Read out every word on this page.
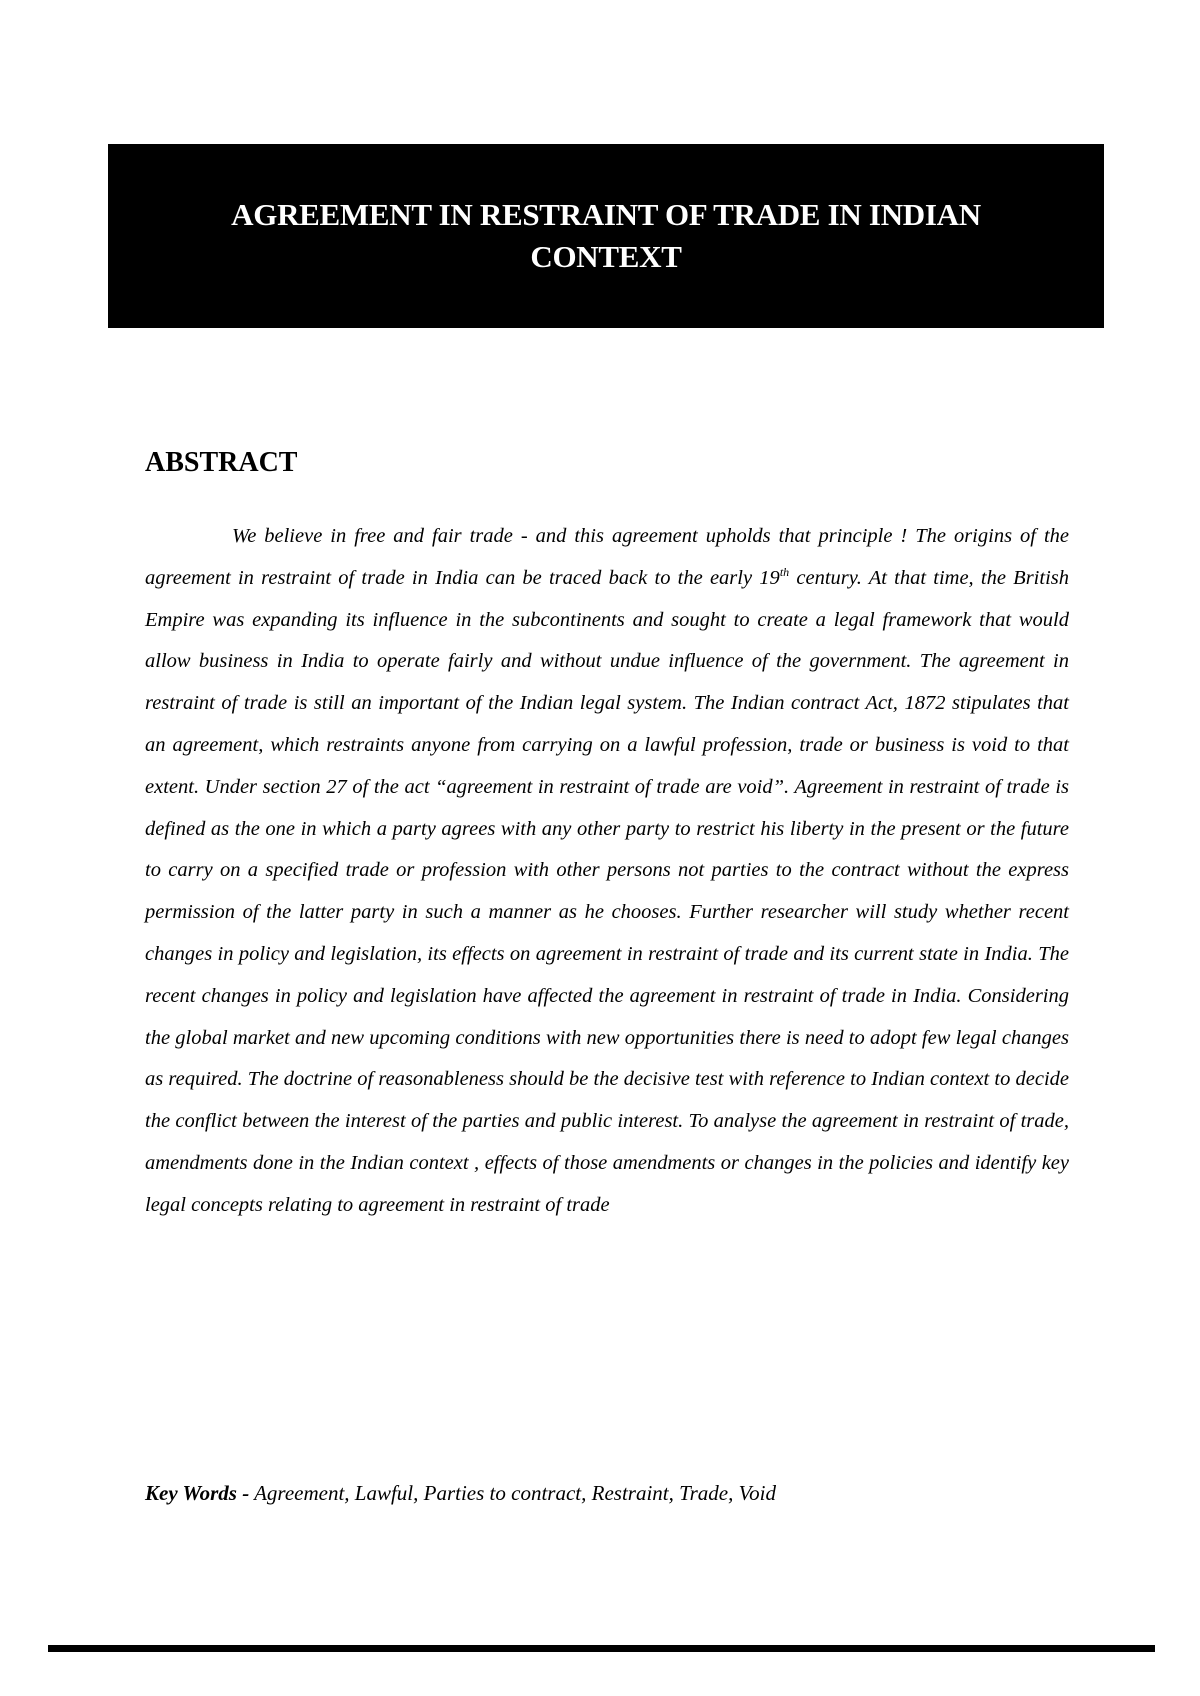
AGREEMENT IN RESTRAINT OF TRADE IN INDIAN
CONTEXT
ABSTRACT

We believe in free and fair trade - and this agreement upholds that principle ! The origins of the agreement in restraint of trade in India can be traced back to the early 19th century. At that time, the British Empire was expanding its influence in the subcontinents and sought to create a legal framework that would allow business in India to operate fairly and without undue influence of the government. The agreement in restraint of trade is still an important of the Indian legal system. The Indian contract Act, 1872 stipulates that an agreement, which restraints anyone from carrying on a lawful profession, trade or business is void to that extent. Under section 27 of the act “agreement in restraint of trade are void”. Agreement in restraint of trade is defined as the one in which a party agrees with any other party to restrict his liberty in the present or the future to carry on a specified trade or profession with other persons not parties to the contract without the express permission of the latter party in such a manner as he chooses. Further researcher will study whether recent changes in policy and legislation, its effects on agreement in restraint of trade and its current state in India. The recent changes in policy and legislation have affected the agreement in restraint of trade in India. Considering the global market and new upcoming conditions with new opportunities there is need to adopt few legal changes as required. The doctrine of reasonableness should be the decisive test with reference to Indian context to decide the conflict between the interest of the parties and public interest. To analyse the agreement in restraint of trade, amendments done in the Indian context , effects of those amendments or changes in the policies and identify key legal concepts relating to agreement in restraint of trade

Key Words - Agreement, Lawful, Parties to contract, Restraint, Trade, Void
